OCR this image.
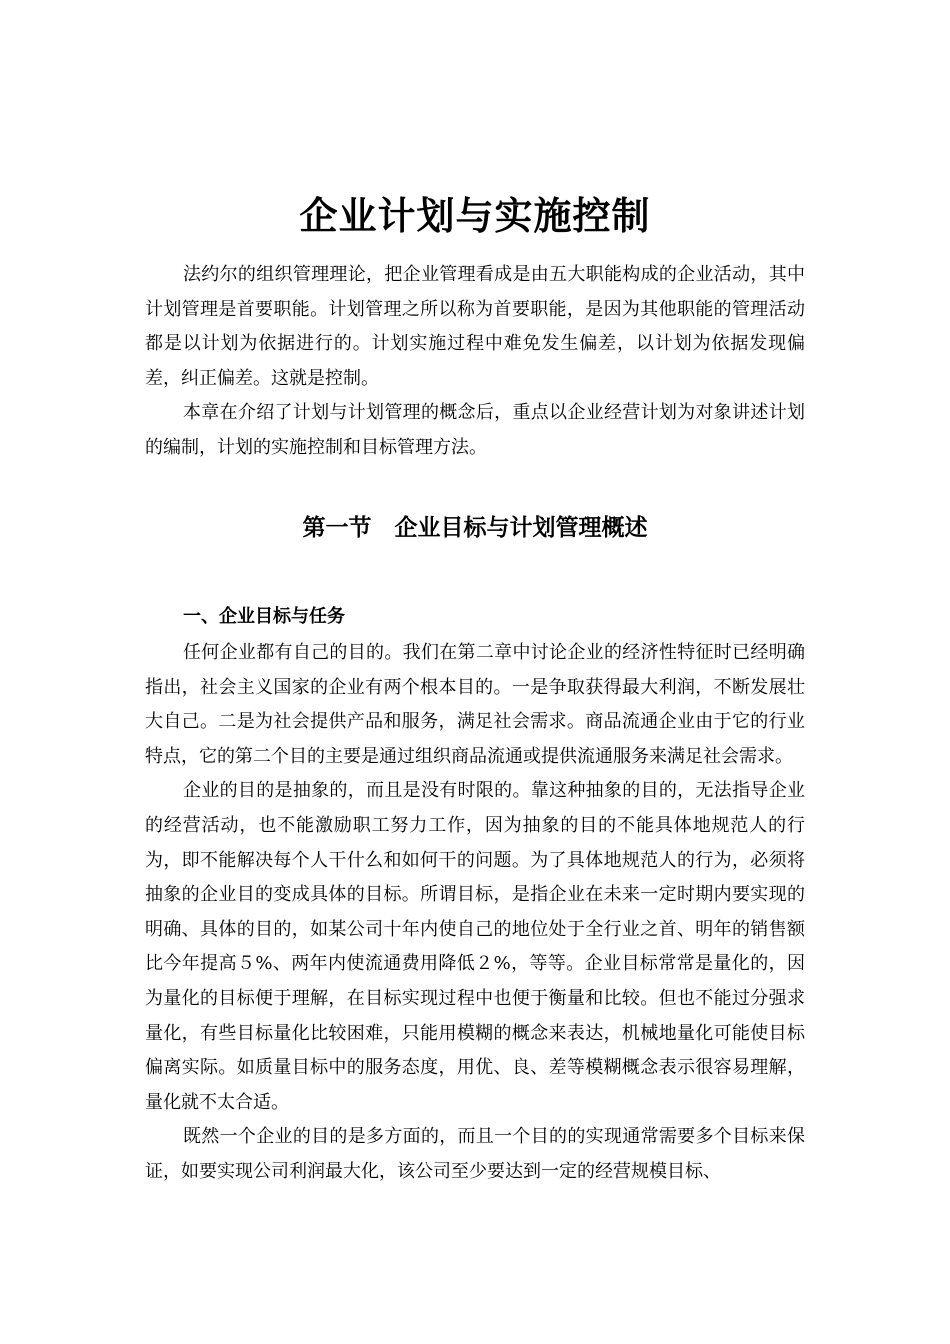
企业计划与实施控制

法约尔的组织管理理论，把企业管理看成是由五大职能构成的企业活动，其中计划管理是首要职能。计划管理之所以称为首要职能，是因为其他职能的管理活动都是以计划为依据进行的。计划实施过程中难免发生偏差，以计划为依据发现偏差，纠正偏差。这就是控制。

本章在介绍了计划与计划管理的概念后，重点以企业经营计划为对象讲述计划的编制，计划的实施控制和目标管理方法。

第一节　企业目标与计划管理概述
一、企业目标与任务

任何企业都有自己的目的。我们在第二章中讨论企业的经济性特征时已经明确指出，社会主义国家的企业有两个根本目的。一是争取获得最大利润，不断发展壮大自己。二是为社会提供产品和服务，满足社会需求。商品流通企业由于它的行业特点，它的第二个目的主要是通过组织商品流通或提供流通服务来满足社会需求。

企业的目的是抽象的，而且是没有时限的。靠这种抽象的目的，无法指导企业的经营活动，也不能激励职工努力工作，因为抽象的目的不能具体地规范人的行为，即不能解决每个人干什么和如何干的问题。为了具体地规范人的行为，必须将抽象的企业目的变成具体的目标。所谓目标，是指企业在未来一定时期内要实现的明确、具体的目的，如某公司十年内使自己的地位处于全行业之首、明年的销售额比今年提高５%、两年内使流通费用降低２%，等等。企业目标常常是量化的，因为量化的目标便于理解，在目标实现过程中也便于衡量和比较。但也不能过分强求量化，有些目标量化比较困难，只能用模糊的概念来表达，机械地量化可能使目标偏离实际。如质量目标中的服务态度，用优、良、差等模糊概念表示很容易理解，量化就不太合适。

既然一个企业的目的是多方面的，而且一个目的的实现通常需要多个目标来保证，如要实现公司利润最大化，该公司至少要达到一定的经营规模目标、
